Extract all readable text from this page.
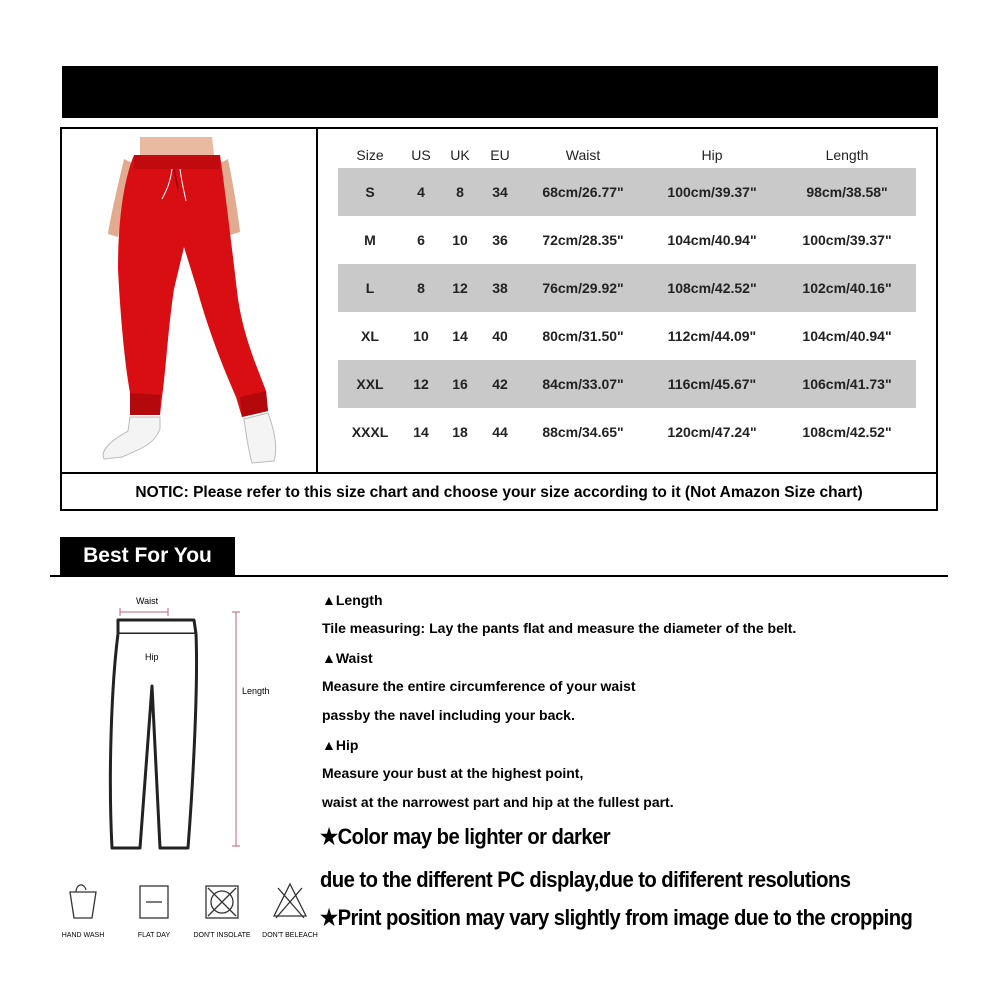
Size Information
Size	US	UK	EU	Waist	Hip	Length
S	4	8	34	68cm/26.77"	100cm/39.37"	98cm/38.58"
M	6	10	36	72cm/28.35"	104cm/40.94"	100cm/39.37"
L	8	12	38	76cm/29.92"	108cm/42.52"	102cm/40.16"
XL	10	14	40	80cm/31.50"	112cm/44.09"	104cm/40.94"
XXL	12	16	42	84cm/33.07"	116cm/45.67"	106cm/41.73"
XXXL	14	18	44	88cm/34.65"	120cm/47.24"	108cm/42.52"
NOTIC: Please refer to this size chart and choose your size according to it (Not Amazon Size chart)
Best For You
Waist
Hip
Length
HAND WASH	FLAT DAY	DON'T INSOLATE	DON'T BELEACH
▲Length
Tile measuring: Lay the pants flat and measure the diameter of the belt.
▲Waist
Measure the entire circumference of your waist
passby the navel including your back.
▲Hip
Measure your bust at the highest point,
waist at the narrowest part and hip at the fullest part.
★Color may be lighter or darker
due to the different PC display,due to dififerent resolutions
★Print position may vary slightly from image due to the cropping
